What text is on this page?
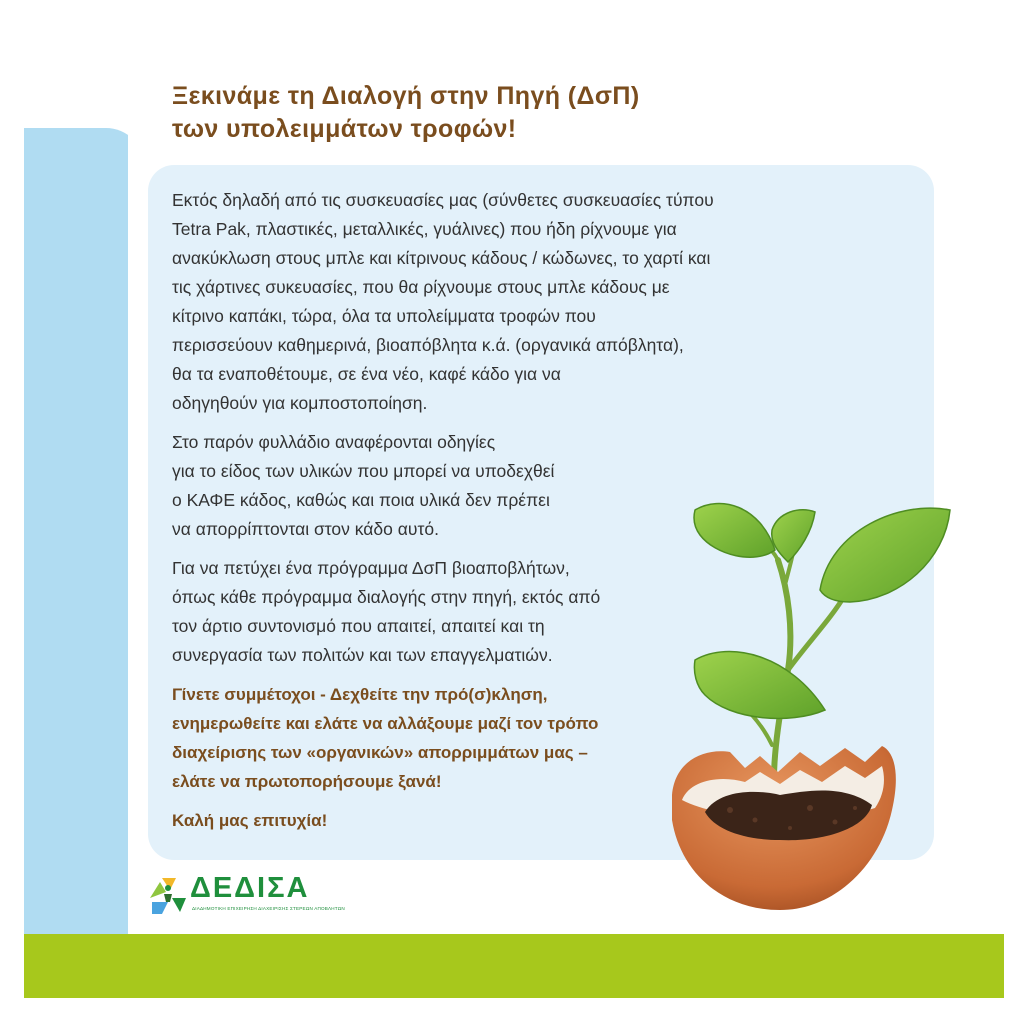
Ξεκινάμε τη Διαλογή στην Πηγή (ΔσΠ)
των υπολειμμάτων τροφών!

Εκτός δηλαδή από τις συσκευασίες μας (σύνθετες συσκευασίες τύπου
Tetra Pak, πλαστικές, μεταλλικές, γυάλινες) που ήδη ρίχνουμε για
ανακύκλωση στους μπλε και κίτρινους κάδους / κώδωνες, το χαρτί και
τις χάρτινες συκευασίες, που θα ρίχνουμε στους μπλε κάδους με
κίτρινο καπάκι, τώρα, όλα τα υπολείμματα τροφών που
περισσεύουν καθημερινά, βιοαπόβλητα κ.ά. (οργανικά απόβλητα),
θα τα εναποθέτουμε, σε ένα νέο, καφέ κάδο για να
οδηγηθούν για κομποστοποίηση.

Στο παρόν φυλλάδιο αναφέρονται οδηγίες
για το είδος των υλικών που μπορεί να υποδεχθεί
ο ΚΑΦΕ κάδος, καθώς και ποια υλικά δεν πρέπει
να απορρίπτονται στον κάδο αυτό.

Για να πετύχει ένα πρόγραμμα ΔσΠ βιοαποβλήτων,
όπως κάθε πρόγραμμα διαλογής στην πηγή, εκτός από
τον άρτιο συντονισμό που απαιτεί, απαιτεί και τη
συνεργασία των πολιτών και των επαγγελματιών.

Γίνετε συμμέτοχοι - Δεχθείτε την πρό(σ)κληση,
ενημερωθείτε και ελάτε να αλλάξουμε μαζί τον τρόπο
διαχείρισης των «οργανικών» απορριμμάτων μας –
ελάτε να πρωτοπορήσουμε ξανά!

Καλή μας επιτυχία!

ΔΕΔΙΣΑ
ΔΙΑΔΗΜΟΤΙΚΗ ΕΠΙΧΕΙΡΗΣΗ ΔΙΑΧΕΙΡΙΣΗΣ ΣΤΕΡΕΩΝ ΑΠΟΒΛΗΤΩΝ
